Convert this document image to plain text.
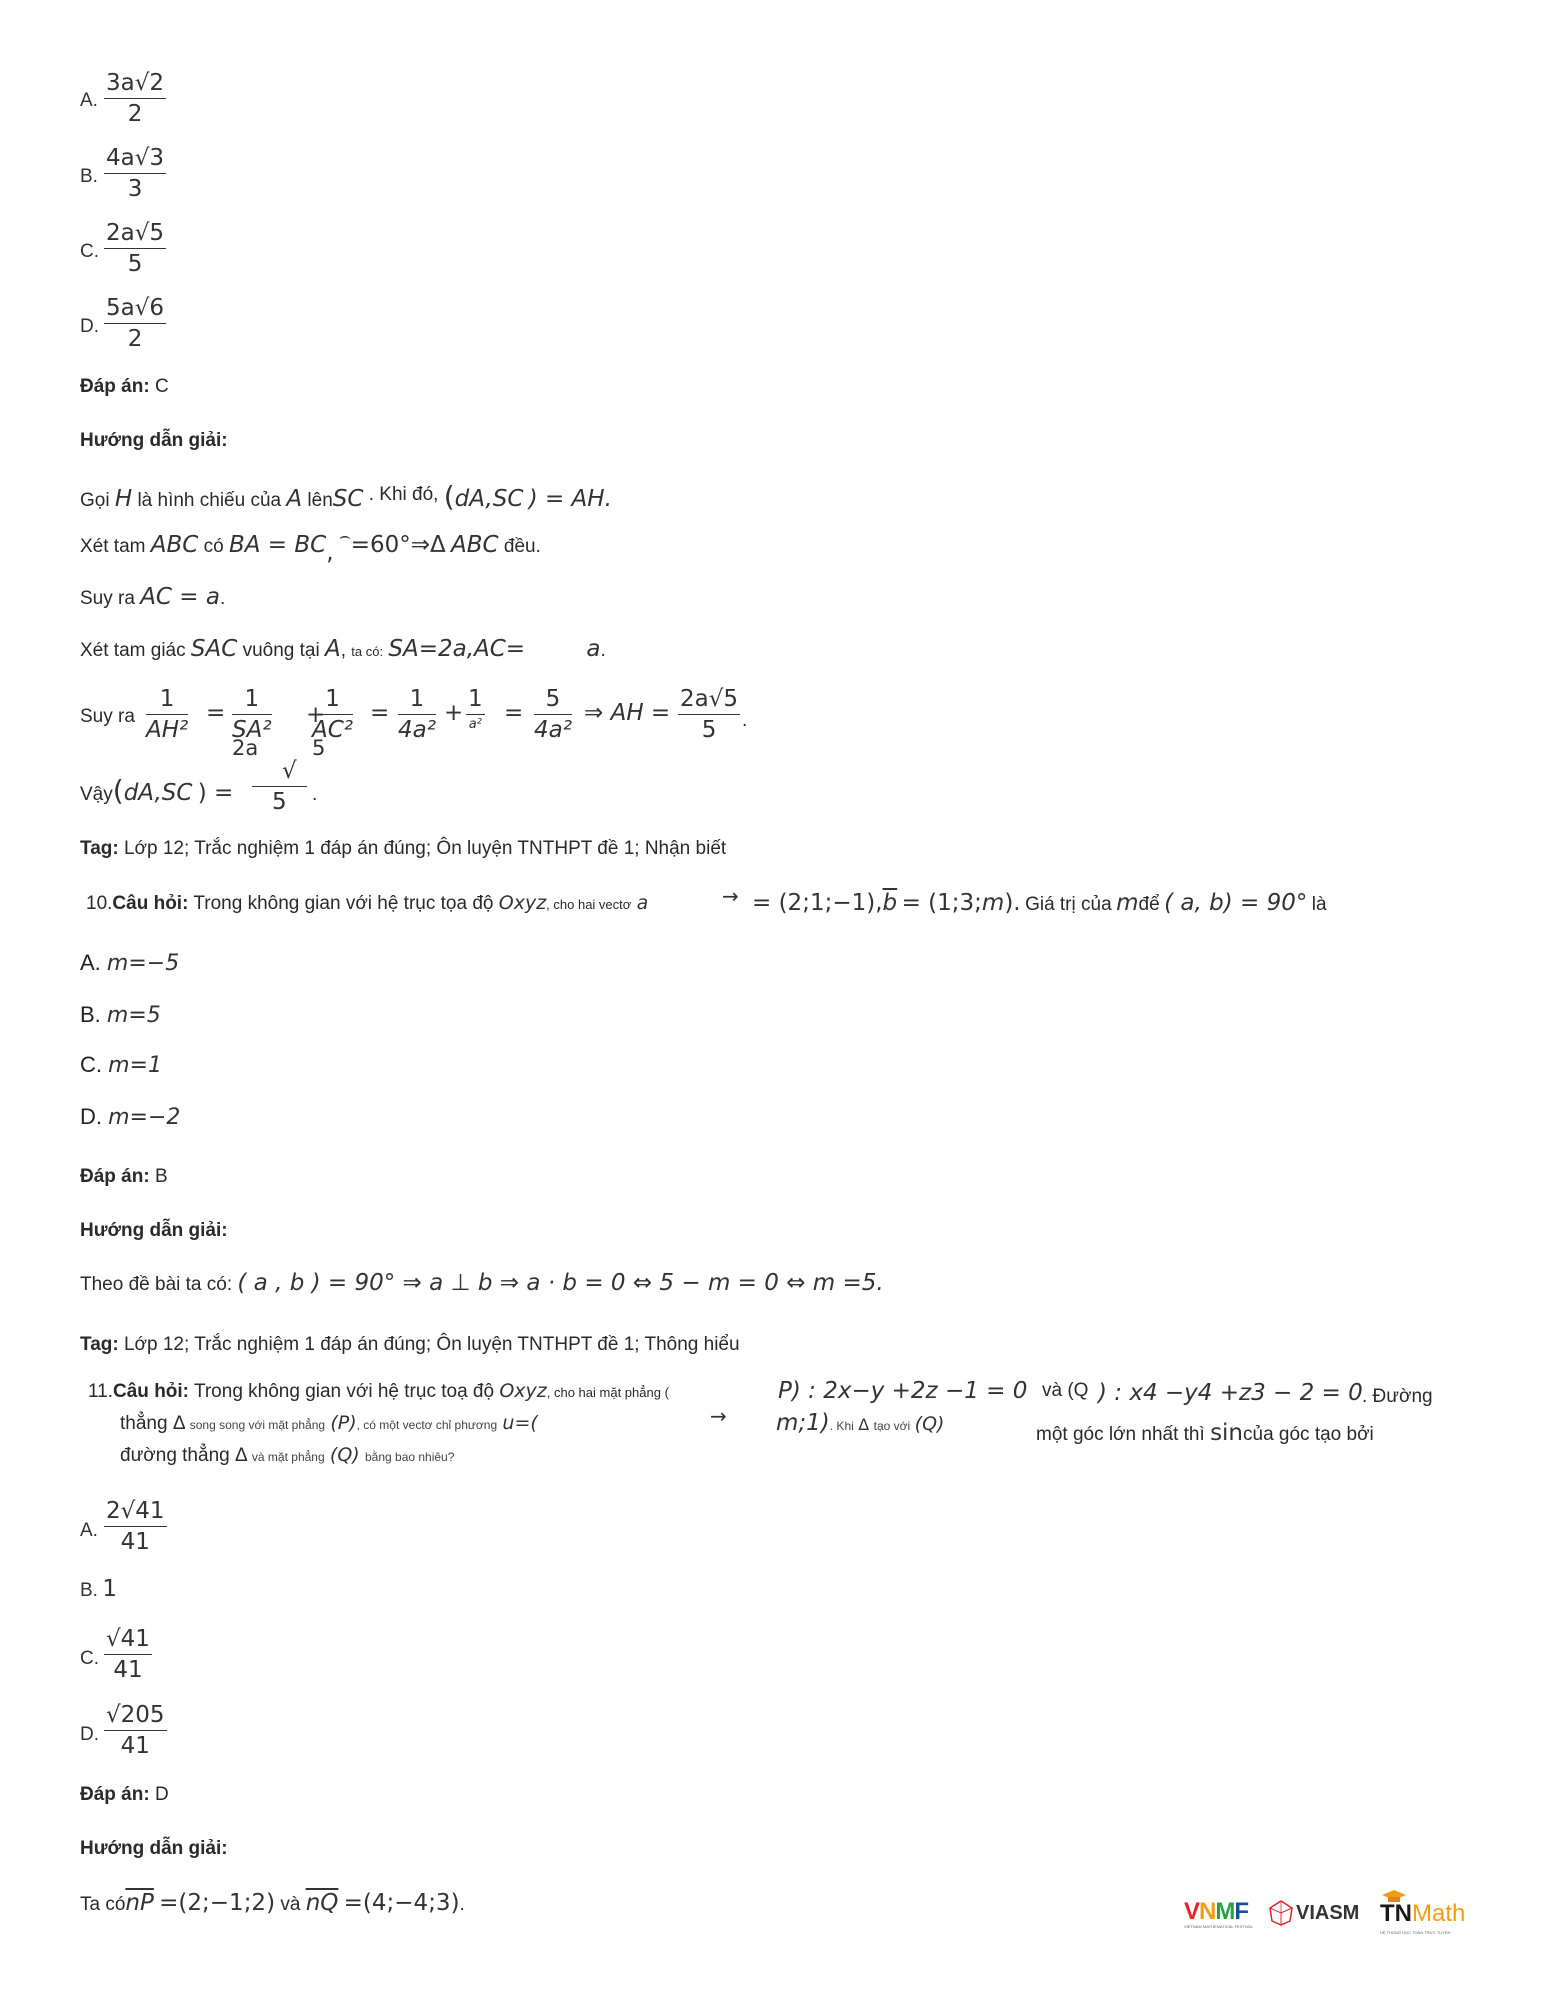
A. $\frac{3a√2}{2}$
B. $\frac{4a√3}{3}$
C. $\frac{2a√5}{5}$
D. $\frac{5a√6}{2}$
Đáp án: C
Hướng dẫn giải:
Gọi H là hình chiếu của A lênSC . Khi đó, (dA,SC ) = AH.
Xét tam ABC có BA = BC, ⌢=60°⇒Δ ABC đều.
Suy ra AC = a.
Xét tam giác SAC vuông tại A, ta có: SA=2a,AC=	a.
Suy ra $\frac{1}{\text{AH²}} = \frac{1}{\text{SA²}}$
2a
+
$\frac{1}{\text{AC²}}$
5
= $\frac{1}{\text{4a²}}$ +
1
$a^2 = \frac{5}{\text{4a²}}$ ⇒ AH = $\frac{2a√5}{5}$ .
Vậy(dA,SC ) =
√
5	.
Tag: Lớp 12; Trắc nghiệm 1 đáp án đúng; Ôn luyện TNTHPT đề 1; Nhận biết
10.Câu hỏi: Trong không gian với hệ trục tọa độ Oxyz, cho hai vectơ a	→ = $(2;1;-1),\overline{b}$ = (1;3;m). Giá trị của mđể ( a, b) = 90° là
A. m=−5
B. m=5
C. m=1
D. m=−2
Đáp án: B
Hướng dẫn giải:
Theo đề bài ta có: ( a , b ) = 90° ⇒ a ⊥ b ⇒ a · b = 0 ⇔ 5 − m = 0 ⇔ m =5.
Tag: Lớp 12; Trắc nghiệm 1 đáp án đúng; Ôn luyện TNTHPT đề 1; Thông hiểu
11.Câu hỏi: Trong không gian với hệ trục toạ độ Oxyz, cho hai mặt phẳng (	P) : 2x−y +2z −1 = 0 và (Q ) : x4 −y4 +z3 − 2 = 0 . Đường
thẳng Δ song song với mặt phẳng (P), có một vectơ chỉ phương u=(	→ m;1). Khi Δ tạo với (Q)	một góc lớn nhất thì sincủa góc tạo bởi
đường thẳng Δ và mặt phẳng (Q) bằng bao nhiêu?
A. $\frac{2√41}{41}$
B. 1
C. $\frac{√41}{41}$
D. $\frac{√205}{41}$
Đáp án: D
Hướng dẫn giải:
Ta $có\overline{nP}$ =(2;−1;2) và $\overline{nQ}$ =(4;−4;3).	VNMF
VIETNAM MATHEMATICAL FESTIVAL
VIASM TNMath
HỆ THỐNG HỌC TOÁN TRỰC TUYẾN
